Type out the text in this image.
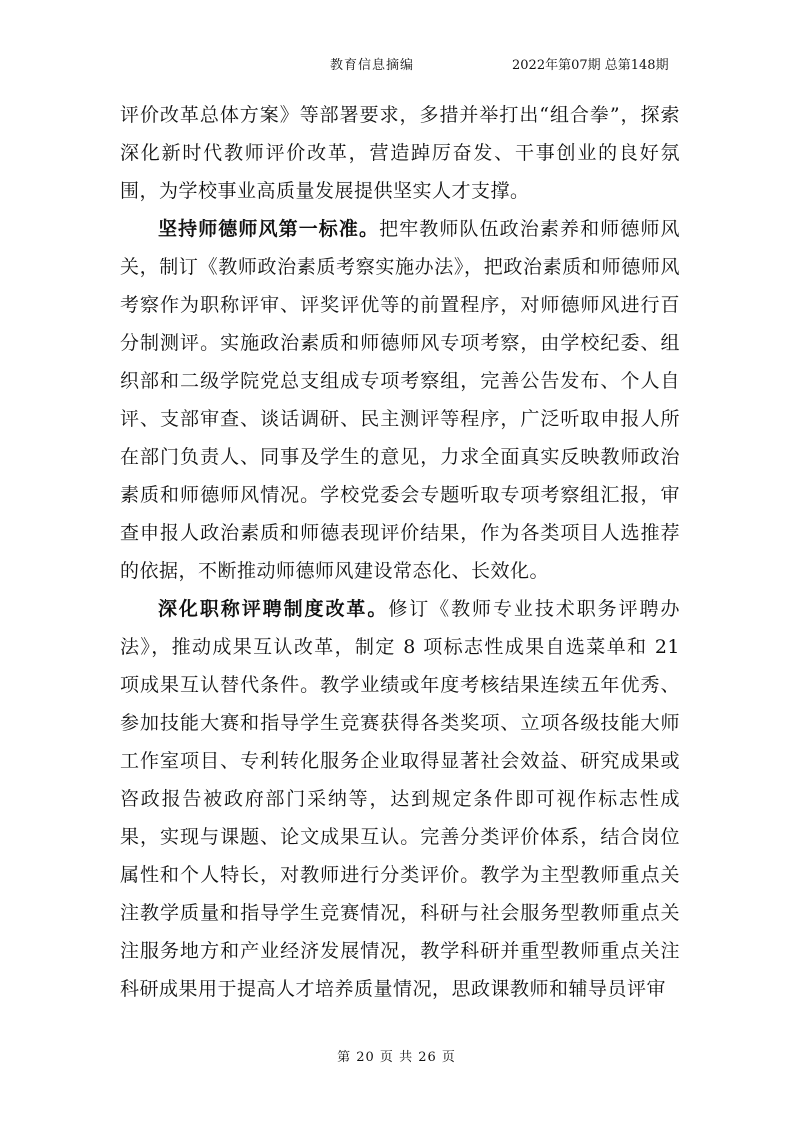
教育信息摘编	2022年第07期 总第148期

评价改革总体方案》等部署要求，多措并举打出“组合拳”，探索深化新时代教师评价改革，营造踔厉奋发、干事创业的良好氛围，为学校事业高质量发展提供坚实人才支撑。

坚持师德师风第一标准。把牢教师队伍政治素养和师德师风关，制订《教师政治素质考察实施办法》，把政治素质和师德师风考察作为职称评审、评奖评优等的前置程序，对师德师风进行百分制测评。实施政治素质和师德师风专项考察，由学校纪委、组织部和二级学院党总支组成专项考察组，完善公告发布、个人自评、支部审查、谈话调研、民主测评等程序，广泛听取申报人所在部门负责人、同事及学生的意见，力求全面真实反映教师政治素质和师德师风情况。学校党委会专题听取专项考察组汇报，审查申报人政治素质和师德表现评价结果，作为各类项目人选推荐的依据，不断推动师德师风建设常态化、长效化。

深化职称评聘制度改革。修订《教师专业技术职务评聘办法》，推动成果互认改革，制定 8 项标志性成果自选菜单和 21 项成果互认替代条件。教学业绩或年度考核结果连续五年优秀、参加技能大赛和指导学生竞赛获得各类奖项、立项各级技能大师工作室项目、专利转化服务企业取得显著社会效益、研究成果或咨政报告被政府部门采纳等，达到规定条件即可视作标志性成果，实现与课题、论文成果互认。完善分类评价体系，结合岗位属性和个人特长，对教师进行分类评价。教学为主型教师重点关注教学质量和指导学生竞赛情况，科研与社会服务型教师重点关注服务地方和产业经济发展情况，教学科研并重型教师重点关注科研成果用于提高人才培养质量情况，思政课教师和辅导员评审

第 20 页 共 26 页
